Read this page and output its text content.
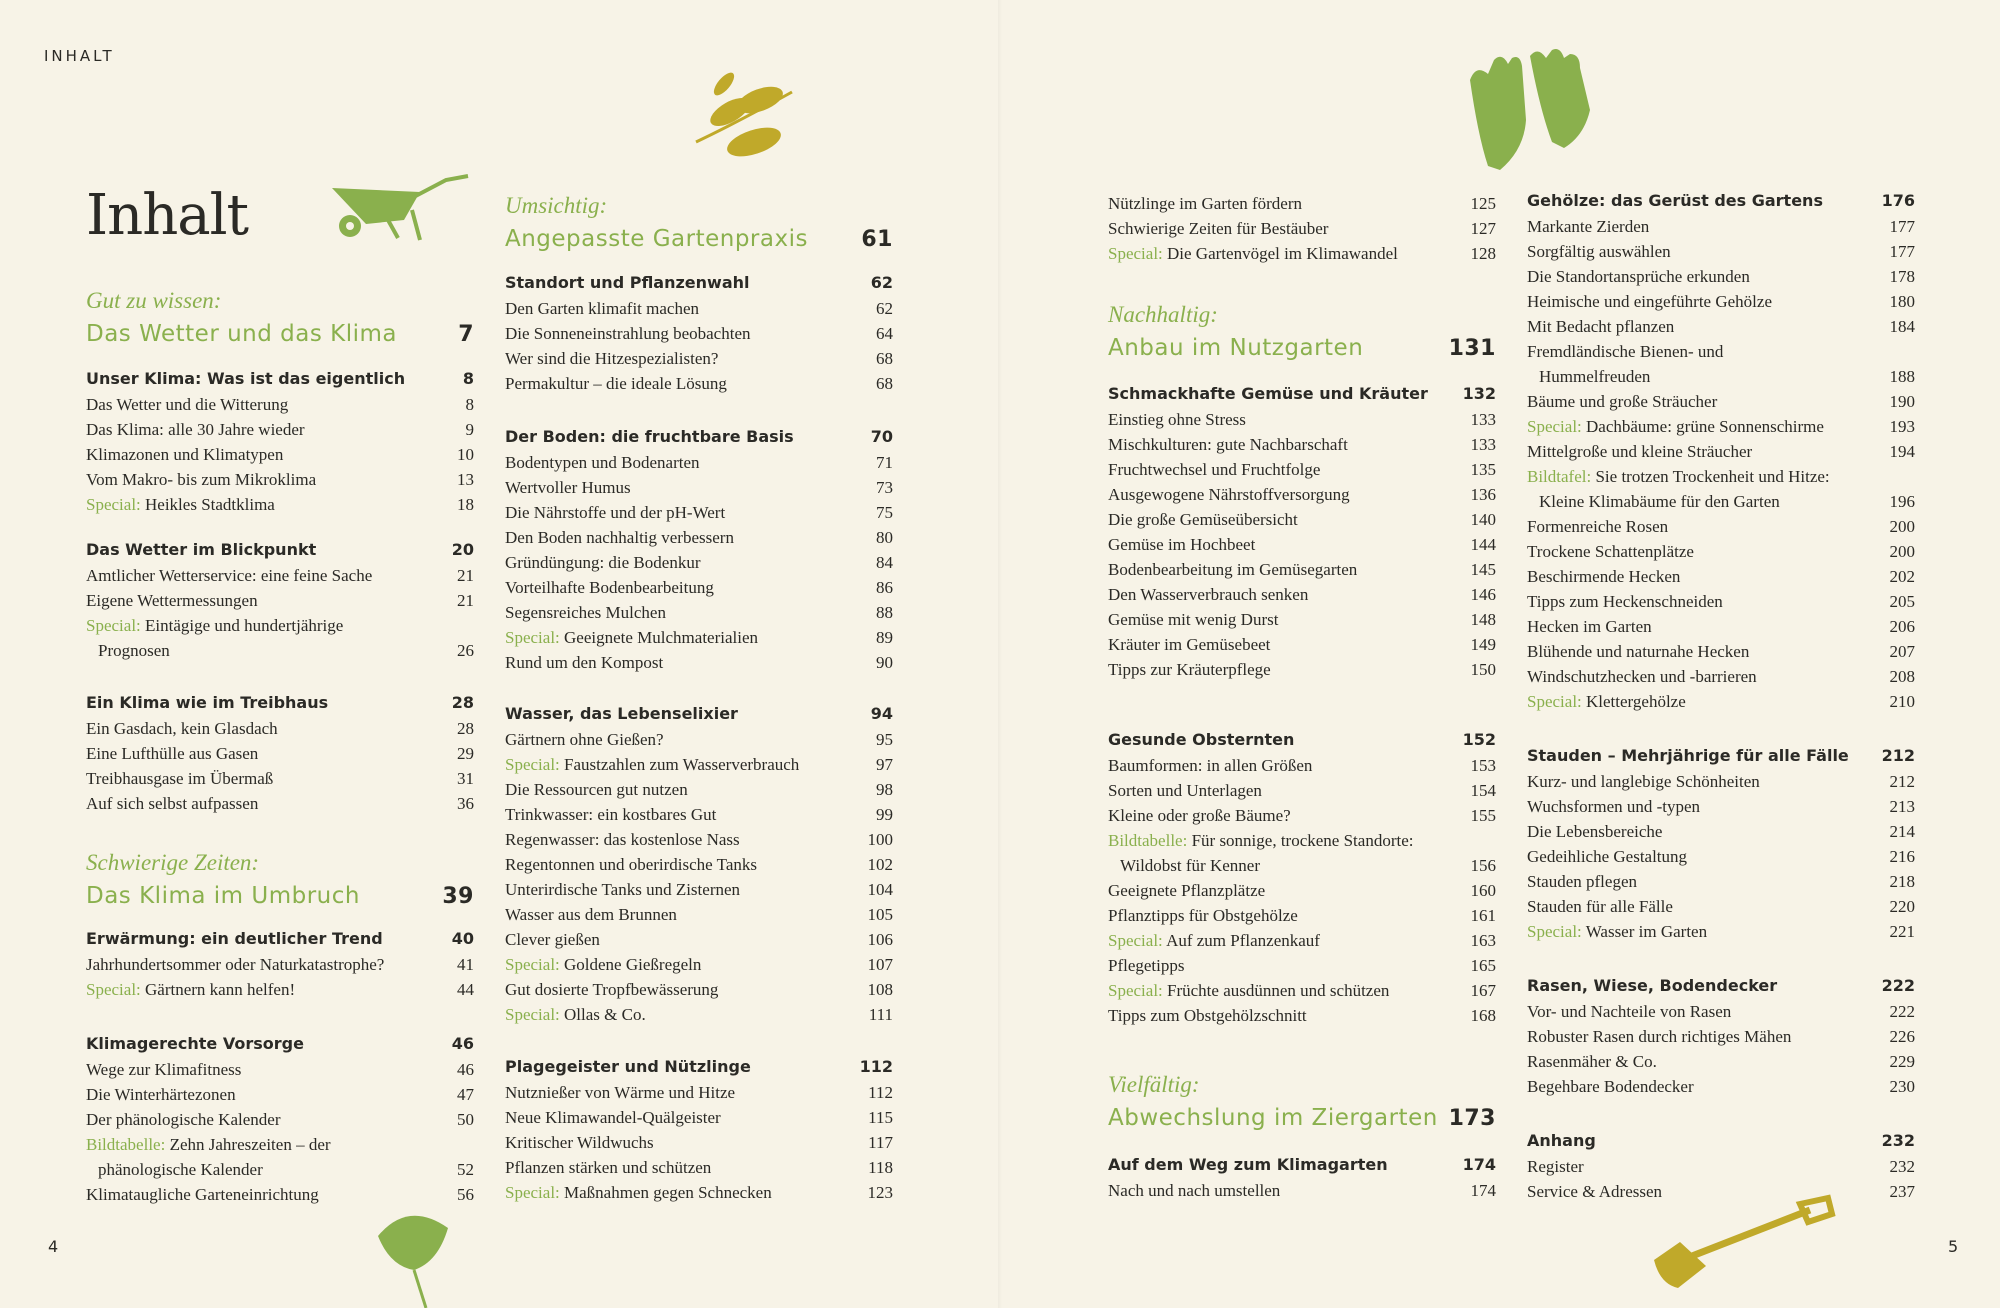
INHALT
Inhalt
4
Gut zu wissen:
Das Wetter und das Klima	7
Unser Klima: Was ist das eigentlich	8
Das Wetter und die Witterung	8
Das Klima: alle 30 Jahre wieder	9
Klimazonen und Klimatypen	10
Vom Makro- bis zum Mikroklima	13
Special: Heikles Stadtklima	18
Das Wetter im Blickpunkt	20
Amtlicher Wetterservice: eine feine Sache	21
Eigene Wettermessungen	21
Special: Eintägige und hundertjährige
Prognosen	26
Ein Klima wie im Treibhaus	28
Ein Gasdach, kein Glasdach	28
Eine Lufthülle aus Gasen	29
Treibhausgase im Übermaß	31
Auf sich selbst aufpassen	36
Schwierige Zeiten:
Das Klima im Umbruch	39
Erwärmung: ein deutlicher Trend	40
Jahrhundertsommer oder Naturkatastrophe?	41
Special: Gärtnern kann helfen!	44
Klimagerechte Vorsorge	46
Wege zur Klimafitness	46
Die Winterhärtezonen	47
Der phänologische Kalender	50
Bildtabelle: Zehn Jahreszeiten – der
phänologische Kalender	52
Klimataugliche Garteneinrichtung	56
Umsichtig:
Angepasste Gartenpraxis 61
Standort und Pflanzenwahl	62
Den Garten klimafit machen	62
Die Sonneneinstrahlung beobachten	64
Wer sind die Hitzespezialisten?	68
Permakultur – die ideale Lösung	68
Der Boden: die fruchtbare Basis	70
Bodentypen und Bodenarten	71
Wertvoller Humus	73
Die Nährstoffe und der pH-Wert	75
Den Boden nachhaltig verbessern	80
Gründüngung: die Bodenkur	84
Vorteilhafte Bodenbearbeitung	86
Segensreiches Mulchen	88
Special: Geeignete Mulchmaterialien	89
Rund um den Kompost	90
Wasser, das Lebenselixier	94
Gärtnern ohne Gießen?	95
Special: Faustzahlen zum Wasserverbrauch	97
Die Ressourcen gut nutzen	98
Trinkwasser: ein kostbares Gut	99
Regenwasser: das kostenlose Nass	100
Regentonnen und oberirdische Tanks	102
Unterirdische Tanks und Zisternen	104
Wasser aus dem Brunnen	105
Clever gießen	106
Special: Goldene Gießregeln	107
Gut dosierte Tropfbewässerung	108
Special: Ollas & Co.	111
Plagegeister und Nützlinge	112
Nutznießer von Wärme und Hitze	112
Neue Klimawandel-Quälgeister	115
Kritischer Wildwuchs	117
Pflanzen stärken und schützen	118
Special: Maßnahmen gegen Schnecken	123
5
Nützlinge im Garten fördern	125
Schwierige Zeiten für Bestäuber	127
Special: Die Gartenvögel im Klimawandel	128
Nachhaltig:
Anbau im Nutzgarten	131
Schmackhafte Gemüse und Kräuter 132
Einstieg ohne Stress	133
Mischkulturen: gute Nachbarschaft	133
Fruchtwechsel und Fruchtfolge	135
Ausgewogene Nährstoffversorgung	136
Die große Gemüseübersicht	140
Gemüse im Hochbeet	144
Bodenbearbeitung im Gemüsegarten	145
Den Wasserverbrauch senken	146
Gemüse mit wenig Durst	148
Kräuter im Gemüsebeet	149
Tipps zur Kräuterpflege	150
Gesunde Obsternten	152
Baumformen: in allen Größen	153
Sorten und Unterlagen	154
Kleine oder große Bäume?	155
Bildtabelle: Für sonnige, trockene Standorte:
Wildobst für Kenner	156
Geeignete Pflanzplätze	160
Pflanztipps für Obstgehölze	161
Special: Auf zum Pflanzenkauf	163
Pflegetipps	165
Special: Früchte ausdünnen und schützen	167
Tipps zum Obstgehölzschnitt	168
Vielfältig:
Abwechslung im Ziergarten 173
Auf dem Weg zum Klimagarten	174
Nach und nach umstellen	174
Gehölze: das Gerüst des Gartens	176
Markante Zierden	177
Sorgfältig auswählen	177
Die Standortansprüche erkunden	178
Heimische und eingeführte Gehölze	180
Mit Bedacht pflanzen	184
Fremdländische Bienen- und
Hummelfreuden	188
Bäume und große Sträucher	190
Special: Dachbäume: grüne Sonnenschirme	193
Mittelgroße und kleine Sträucher	194
Bildtafel: Sie trotzen Trockenheit und Hitze:
Kleine Klimabäume für den Garten	196
Formenreiche Rosen	200
Trockene Schattenplätze	200
Beschirmende Hecken	202
Tipps zum Heckenschneiden	205
Hecken im Garten	206
Blühende und naturnahe Hecken	207
Windschutzhecken und -barrieren	208
Special: Klettergehölze	210
Stauden – Mehrjährige für alle Fälle 212
Kurz- und langlebige Schönheiten	212
Wuchsformen und -typen	213
Die Lebensbereiche	214
Gedeihliche Gestaltung	216
Stauden pflegen	218
Stauden für alle Fälle	220
Special: Wasser im Garten	221
Rasen, Wiese, Bodendecker	222
Vor- und Nachteile von Rasen	222
Robuster Rasen durch richtiges Mähen	226
Rasenmäher & Co.	229
Begehbare Bodendecker	230
Anhang	232
Register	232
Service & Adressen	237
